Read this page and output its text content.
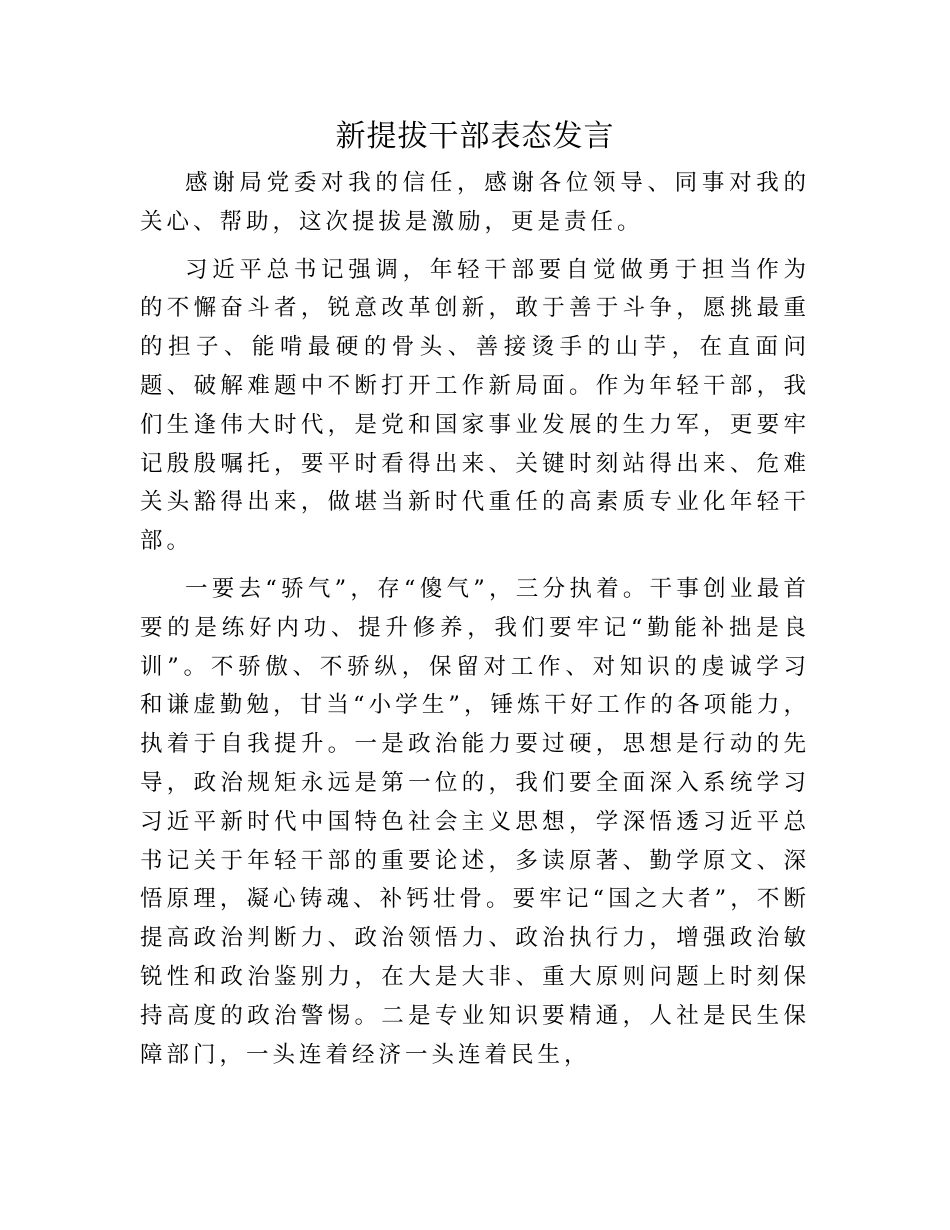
新提拔干部表态发言

感谢局党委对我的信任，感谢各位领导、同事对我的关心、帮助，这次提拔是激励，更是责任。

习近平总书记强调，年轻干部要自觉做勇于担当作为的不懈奋斗者，锐意改革创新，敢于善于斗争，愿挑最重的担子、能啃最硬的骨头、善接烫手的山芋，在直面问题、破解难题中不断打开工作新局面。作为年轻干部，我们生逢伟大时代，是党和国家事业发展的生力军，更要牢记殷殷嘱托，要平时看得出来、关键时刻站得出来、危难关头豁得出来，做堪当新时代重任的高素质专业化年轻干部。

一要去“骄气”，存“傻气”，三分执着。干事创业最首要的是练好内功、提升修养，我们要牢记“勤能补拙是良训”。不骄傲、不骄纵，保留对工作、对知识的虔诚学习和谦虚勤勉，甘当“小学生”，锤炼干好工作的各项能力，执着于自我提升。一是政治能力要过硬，思想是行动的先导，政治规矩永远是第一位的，我们要全面深入系统学习习近平新时代中国特色社会主义思想，学深悟透习近平总书记关于年轻干部的重要论述，多读原著、勤学原文、深悟原理，凝心铸魂、补钙壮骨。要牢记“国之大者”，不断提高政治判断力、政治领悟力、政治执行力，增强政治敏锐性和政治鉴别力，在大是大非、重大原则问题上时刻保持高度的政治警惕。二是专业知识要精通，人社是民生保障部门，一头连着经济一头连着民生，
